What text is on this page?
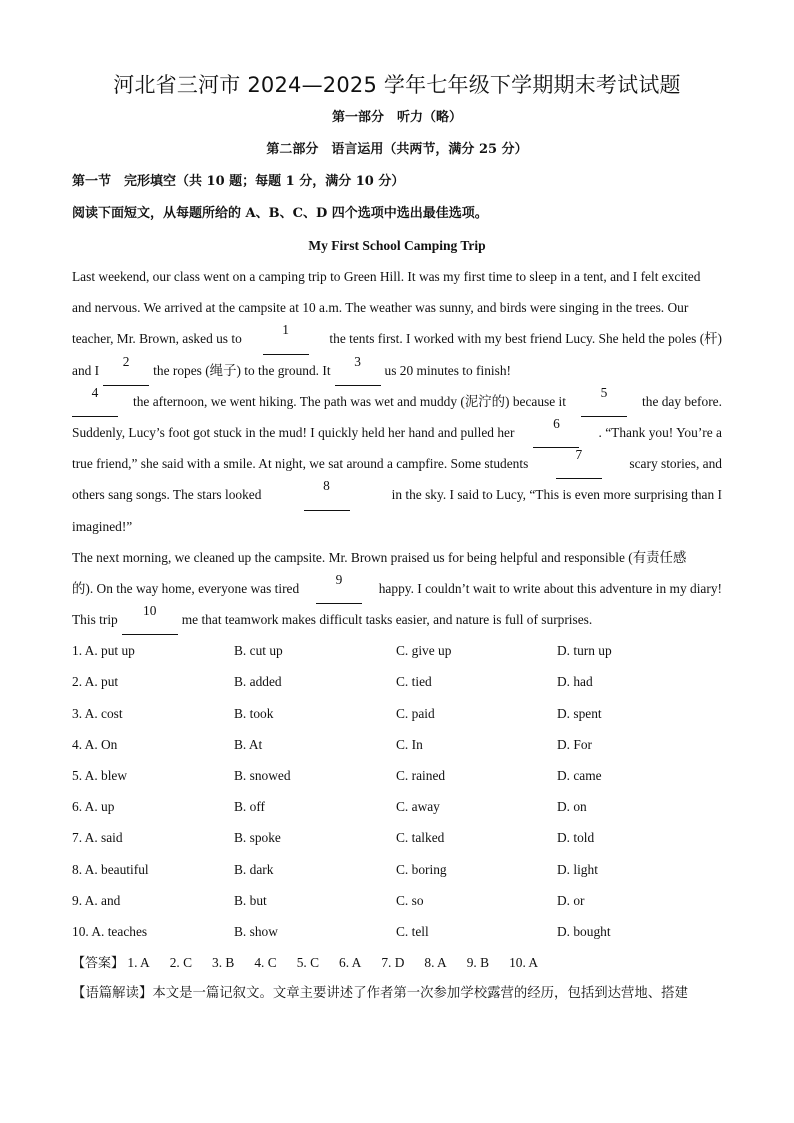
河北省三河市 2024—2025 学年七年级下学期期末考试试题
第一部分　听力（略）
第二部分　语言运用（共两节，满分 25 分）
第一节　完形填空（共 10 题；每题 1 分，满分 10 分）
阅读下面短文，从每题所给的 A、B、C、D 四个选项中选出最佳选项。
My First School Camping Trip
Last weekend, our class went on a camping trip to Green Hill. It was my first time to sleep in a tent, and I felt excited
and nervous. We arrived at the campsite at 10 a.m. The weather was sunny, and birds were singing in the trees. Our
teacher, Mr. Brown, asked us to
1
the tents first. I worked with my best friend Lucy. She held the poles (杆)
and I
2
the ropes (绳子) to the ground. It
3
us 20 minutes to finish!
4
the afternoon, we went hiking. The path was wet and muddy (泥泞的) because it
5
the day before.
Suddenly, Lucy’s foot got stuck in the mud! I quickly held her hand and pulled her
6
. “Thank you! You’re a
true friend,” she said with a smile. At night, we sat around a campfire. Some students
7
scary stories, and
others sang songs. The stars looked
8
in the sky. I said to Lucy, “This is even more surprising than I
imagined!”
The next morning, we cleaned up the campsite. Mr. Brown praised us for being helpful and responsible (有责任感
的). On the way home, everyone was tired
9
happy. I couldn’t wait to write about this adventure in my diary!
This trip
10
me that teamwork makes difficult tasks easier, and nature is full of surprises.
1. A. put up	B. cut up	C. give up	D. turn up
2. A. put	B. added	C. tied	D. had
3. A. cost	B. took	C. paid	D. spent
4. A. On	B. At	C. In	D. For
5. A. blew	B. snowed	C. rained	D. came
6. A. up	B. off	C. away	D. on
7. A. said	B. spoke	C. talked	D. told
8. A. beautiful	B. dark	C. boring	D. light
9. A. and	B. but	C. so	D. or
10. A. teaches	B. show	C. tell	D. bought
【答案】 1. A 2. C 3. B 4. C 5. C 6. A 7. D 8. A 9. B 10. A
【语篇解读】本文是一篇记叙文。文章主要讲述了作者第一次参加学校露营的经历，包括到达营地、搭建
